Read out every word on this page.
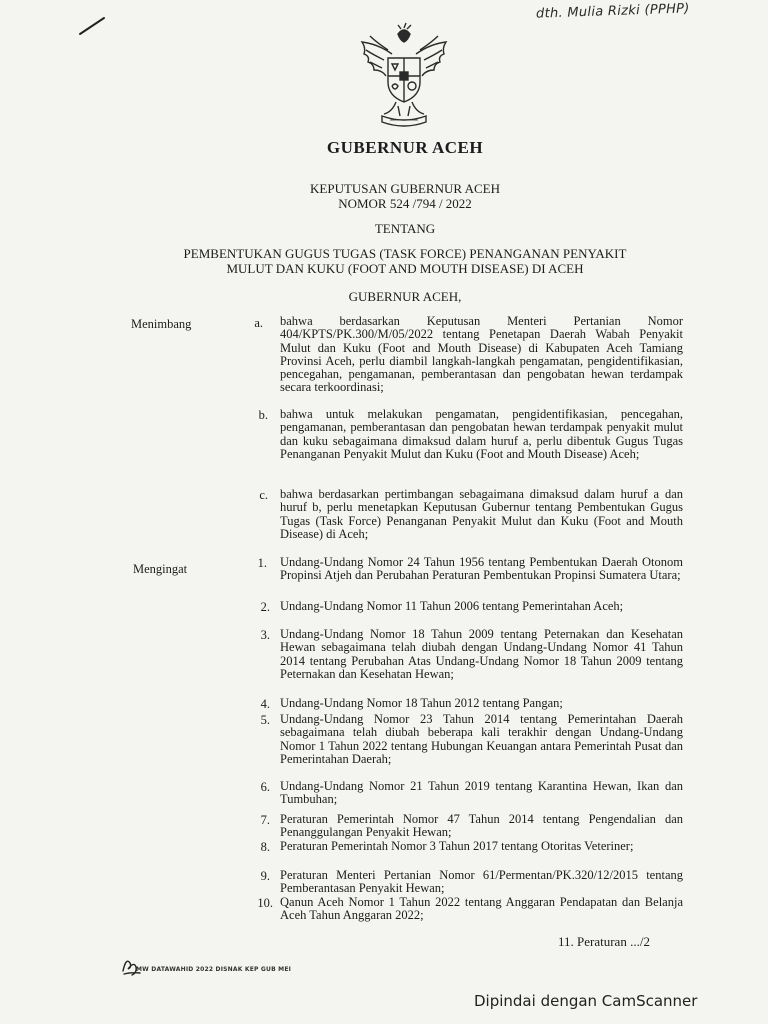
dth. Mulia Rizki (PPHP)
GUBERNUR ACEH
KEPUTUSAN GUBERNUR ACEH
NOMOR 524 /794 / 2022
TENTANG
PEMBENTUKAN GUGUS TUGAS (TASK FORCE) PENANGANAN PENYAKIT
MULUT DAN KUKU (FOOT AND MOUTH DISEASE) DI ACEH
GUBERNUR ACEH,
Menimbang
Mengingat
a. bahwa berdasarkan Keputusan Menteri Pertanian Nomor 404/KPTS/PK.300/M/05/2022 tentang Penetapan Daerah Wabah Penyakit Mulut dan Kuku (Foot and Mouth Disease) di Kabupaten Aceh Tamiang Provinsi Aceh, perlu diambil langkah-langkah pengamatan, pengidentifikasian, pencegahan, pengamanan, pemberantasan dan pengobatan hewan terdampak secara terkoordinasi;
b. bahwa untuk melakukan pengamatan, pengidentifikasian, pencegahan, pengamanan, pemberantasan dan pengobatan hewan terdampak penyakit mulut dan kuku sebagaimana dimaksud dalam huruf a, perlu dibentuk Gugus Tugas Penanganan Penyakit Mulut dan Kuku (Foot and Mouth Disease) Aceh;
c. bahwa berdasarkan pertimbangan sebagaimana dimaksud dalam huruf a dan huruf b, perlu menetapkan Keputusan Gubernur tentang Pembentukan Gugus Tugas (Task Force) Penanganan Penyakit Mulut dan Kuku (Foot and Mouth Disease) di Aceh;
1. Undang-Undang Nomor 24 Tahun 1956 tentang Pembentukan Daerah Otonom Propinsi Atjeh dan Perubahan Peraturan Pembentukan Propinsi Sumatera Utara;
2. Undang-Undang Nomor 11 Tahun 2006 tentang Pemerintahan Aceh;
3. Undang-Undang Nomor 18 Tahun 2009 tentang Peternakan dan Kesehatan Hewan sebagaimana telah diubah dengan Undang-Undang Nomor 41 Tahun 2014 tentang Perubahan Atas Undang-Undang Nomor 18 Tahun 2009 tentang Peternakan dan Kesehatan Hewan;
4. Undang-Undang Nomor 18 Tahun 2012 tentang Pangan;
5. Undang-Undang Nomor 23 Tahun 2014 tentang Pemerintahan Daerah sebagaimana telah diubah beberapa kali terakhir dengan Undang-Undang Nomor 1 Tahun 2022 tentang Hubungan Keuangan antara Pemerintah Pusat dan Pemerintahan Daerah;
6. Undang-Undang Nomor 21 Tahun 2019 tentang Karantina Hewan, Ikan dan Tumbuhan;
7. Peraturan Pemerintah Nomor 47 Tahun 2014 tentang Pengendalian dan Penanggulangan Penyakit Hewan;
8. Peraturan Pemerintah Nomor 3 Tahun 2017 tentang Otoritas Veteriner;
9. Peraturan Menteri Pertanian Nomor 61/Permentan/PK.320/12/2015 tentang Pemberantasan Penyakit Hewan;
10. Qanun Aceh Nomor 1 Tahun 2022 tentang Anggaran Pendapatan dan Belanja Aceh Tahun Anggaran 2022;
11. Peraturan .../2
MW DATAWAHID 2022 DISNAK KEP GUB MEI
Dipindai dengan CamScanner
